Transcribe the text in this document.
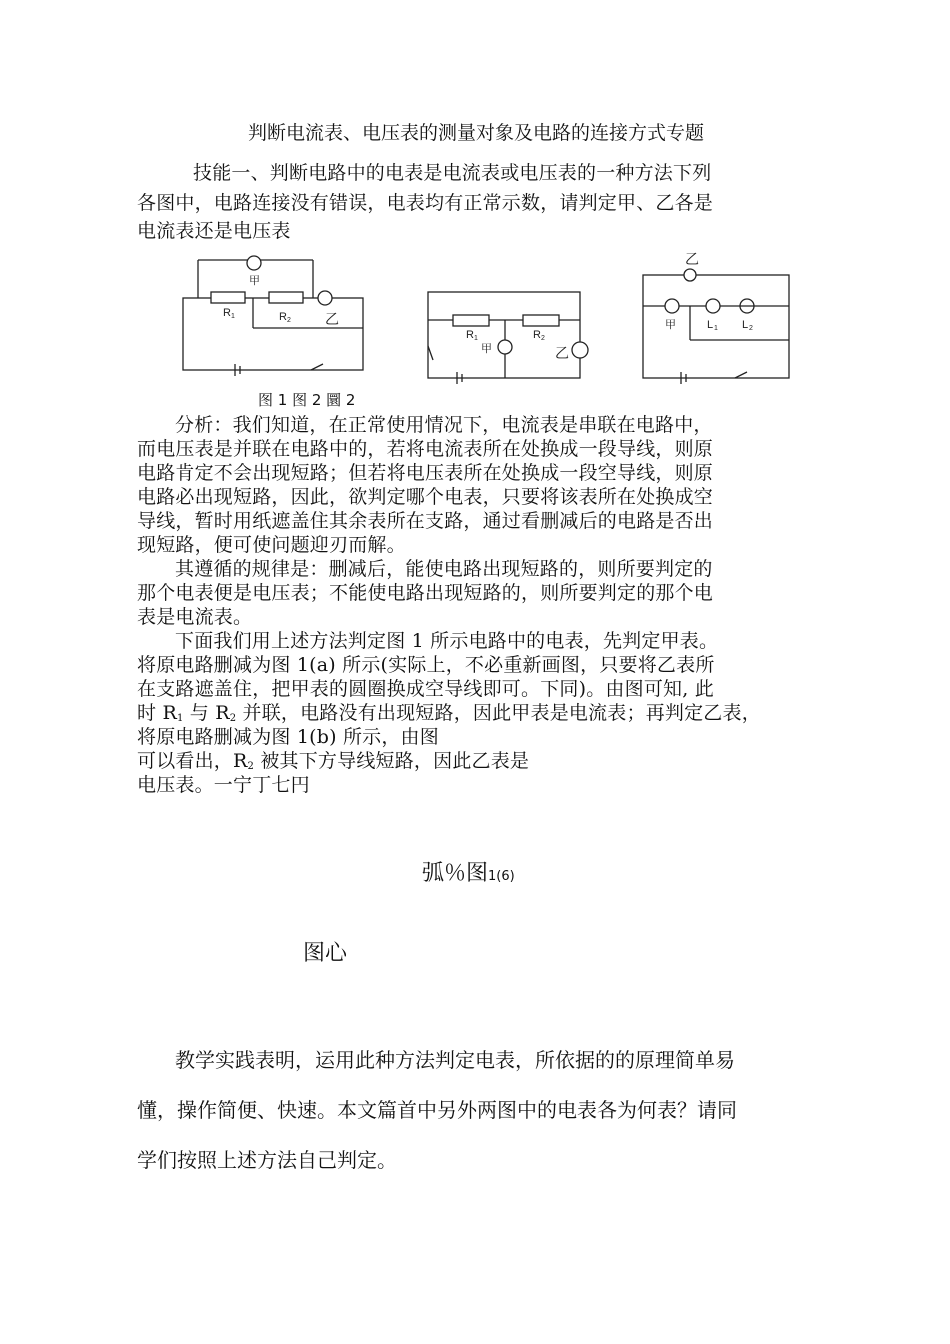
判断电流表、电压表的测量对象及电路的连接方式专题
技能一、判断电路中的电表是电流表或电压表的一种方法下列
各图中，电路连接没有错误，电表均有正常示数，请判定甲、乙各是
电流表还是电压表
甲
乙
R 1	R 2
R 1	R 2
甲	乙
乙
甲	L 1 L 2
图 1 图 2 圜 2
分析：我们知道，在正常使用情况下，电流表是串联在电路中，
而电压表是并联在电路中的，若将电流表所在处换成一段导线，则原
电路肯定不会出现短路；但若将电压表所在处换成一段空导线，则原
电路必出现短路，因此，欲判定哪个电表，只要将该表所在处换成空
导线，暂时用纸遮盖住其余表所在支路，通过看删减后的电路是否出
现短路，便可使问题迎刃而解。
其遵循的规律是：删减后，能使电路出现短路的，则所要判定的
那个电表便是电压表；不能使电路出现短路的，则所要判定的那个电
表是电流表。
下面我们用上述方法判定图 1 所示电路中的电表，先判定甲表。
将原电路删减为图 1(a) 所示(实际上，不必重新画图，只要将乙表所
在支路遮盖住，把甲表的圆圈换成空导线即可。下同)。由图可知, 此
时 $R_1$ 与 $R_2$ 并联，电路没有出现短路，因此甲表是电流表；再判定乙表，
将原电路删减为图 1(b) 所示，由图
可以看出，$R_2$ 被其下方导线短路，因此乙表是
电压表。一宁丁七円
弧％图1(6)
图心
教学实践表明，运用此种方法判定电表，所依据的的原理简单易
懂，操作简便、快速。本文篇首中另外两图中的电表各为何表？请同
学们按照上述方法自己判定。
